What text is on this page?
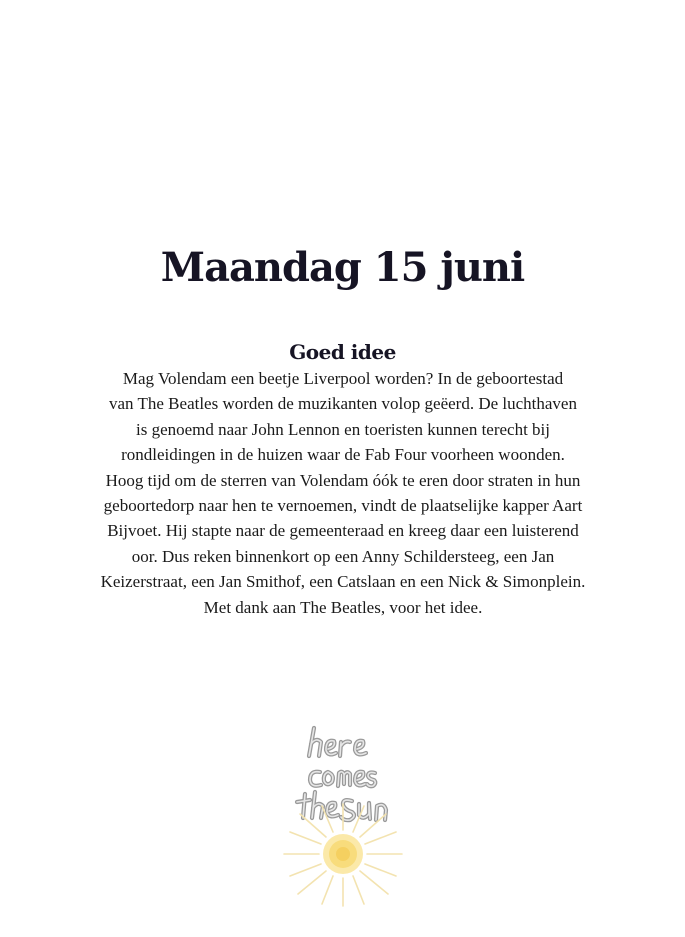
Maandag 15 juni
Goed idee

Mag Volendam een beetje Liverpool worden? In de geboortestad
van The Beatles worden de muzikanten volop geëerd. De luchthaven
is genoemd naar John Lennon en toeristen kunnen terecht bij
rondleidingen in de huizen waar de Fab Four voorheen woonden.
Hoog tijd om de sterren van Volendam óók te eren door straten in hun
geboortedorp naar hen te vernoemen, vindt de plaatselijke kapper Aart
Bijvoet. Hij stapte naar de gemeenteraad en kreeg daar een luisterend
oor. Dus reken binnenkort op een Anny Schildersteeg, een Jan
Keizerstraat, een Jan Smithof, een Catslaan en een Nick & Simonplein.
Met dank aan The Beatles, voor het idee.
